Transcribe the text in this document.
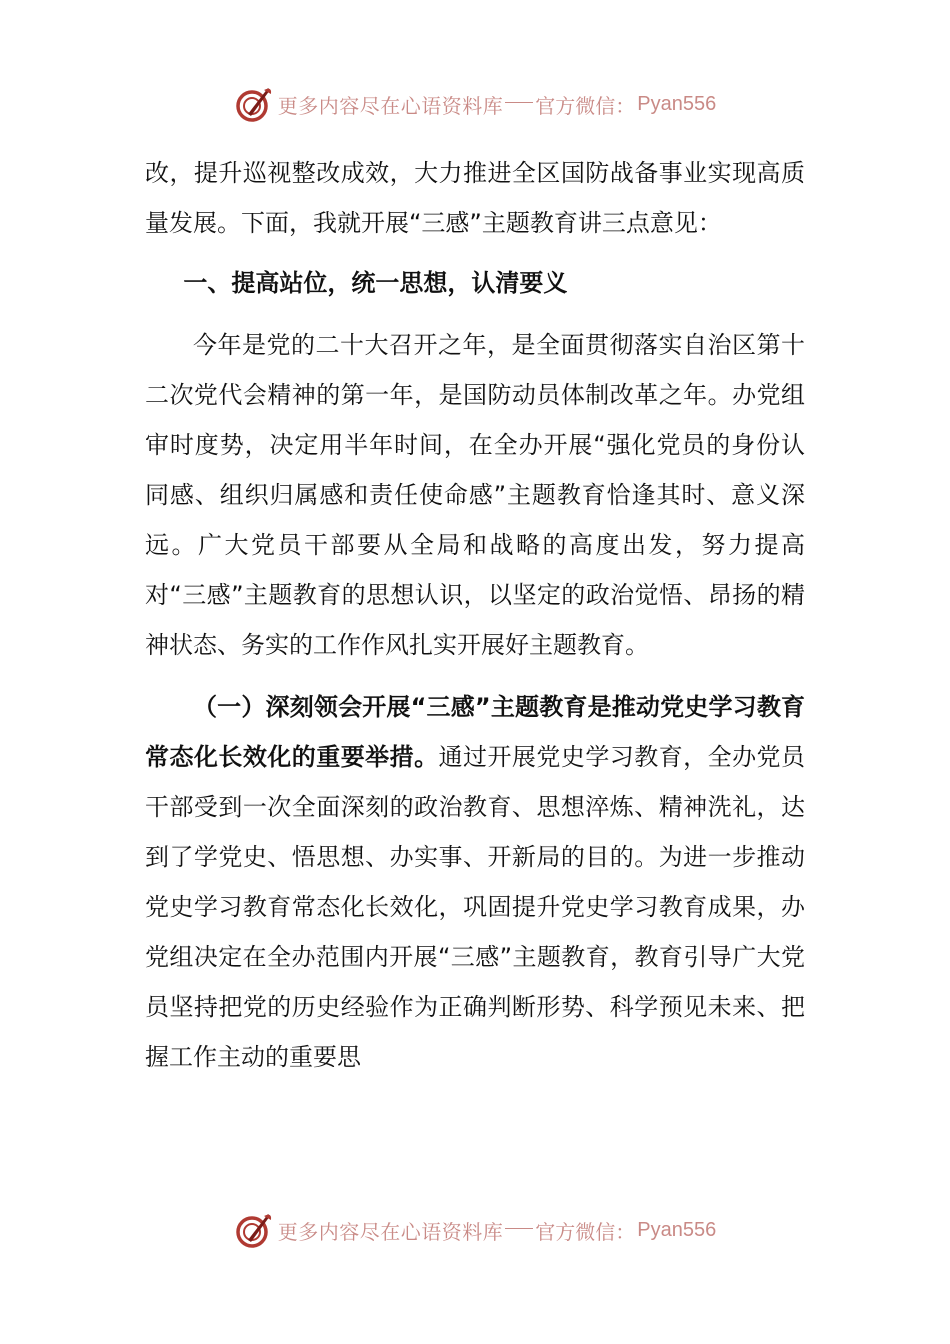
更多内容尽在心语资料库 官方微信： Pyan556

改，提升巡视整改成效，大力推进全区国防战备事业实现高质量发展。下面，我就开展“三感”主题教育讲三点意见：

一、提高站位，统一思想，认清要义

今年是党的二十大召开之年，是全面贯彻落实自治区第十二次党代会精神的第一年，是国防动员体制改革之年。办党组审时度势，决定用半年时间，在全办开展“强化党员的身份认同感、组织归属感和责任使命感”主题教育恰逢其时、意义深远。广大党员干部要从全局和战略的高度出发，努力提高对“三感”主题教育的思想认识，以坚定的政治觉悟、昂扬的精神状态、务实的工作作风扎实开展好主题教育。

（一）深刻领会开展“三感”主题教育是推动党史学习教育常态化长效化的重要举措。通过开展党史学习教育，全办党员干部受到一次全面深刻的政治教育、思想淬炼、精神洗礼，达到了学党史、悟思想、办实事、开新局的目的。为进一步推动党史学习教育常态化长效化，巩固提升党史学习教育成果，办党组决定在全办范围内开展“三感”主题教育，教育引导广大党员坚持把党的历史经验作为正确判断形势、科学预见未来、把握工作主动的重要思

更多内容尽在心语资料库 官方微信： Pyan556
